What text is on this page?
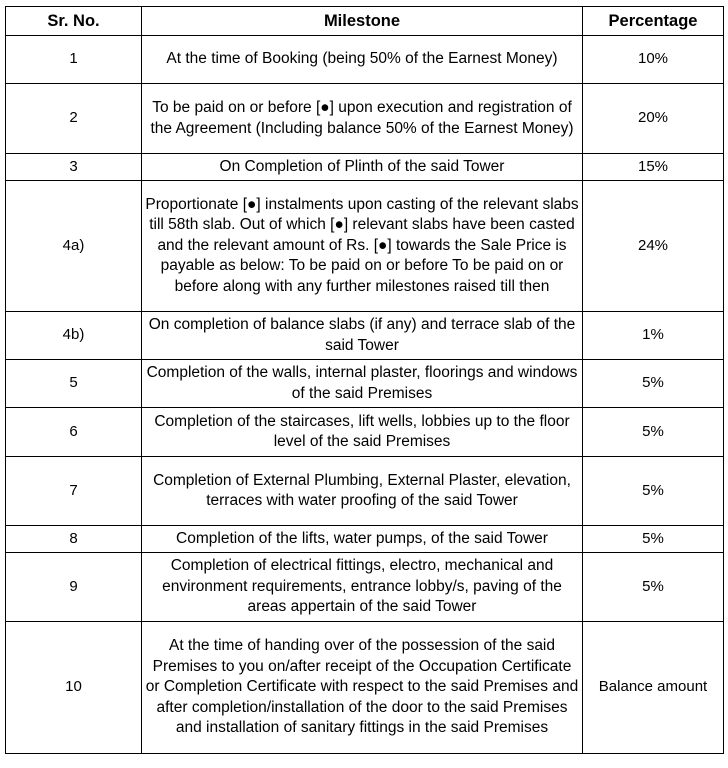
Sr. No.	Milestone	Percentage
1	At the time of Booking (being 50% of the Earnest Money)	10%
2	To be paid on or before [●] upon execution and registration of the Agreement (Including balance 50% of the Earnest Money)	20%
3	On Completion of Plinth of the said Tower	15%
4a)	Proportionate [●] instalments upon casting of the relevant slabs till 58th slab. Out of which [●] relevant slabs have been casted and the relevant amount of Rs. [●] towards the Sale Price is payable as below: To be paid on or before To be paid on or before along with any further milestones raised till then	24%
4b)	On completion of balance slabs (if any) and terrace slab of the said Tower	1%
5	Completion of the walls, internal plaster, floorings and windows of the said Premises	5%
6	Completion of the staircases, lift wells, lobbies up to the floor level of the said Premises	5%
7	Completion of External Plumbing, External Plaster, elevation, terraces with water proofing of the said Tower	5%
8	Completion of the lifts, water pumps, of the said Tower	5%
9	Completion of electrical fittings, electro, mechanical and environment requirements, entrance lobby/s, paving of the areas appertain of the said Tower	5%
10	At the time of handing over of the possession of the said Premises to you on/after receipt of the Occupation Certificate or Completion Certificate with respect to the said Premises and after completion/installation of the door to the said Premises and installation of sanitary fittings in the said Premises	Balance amount
